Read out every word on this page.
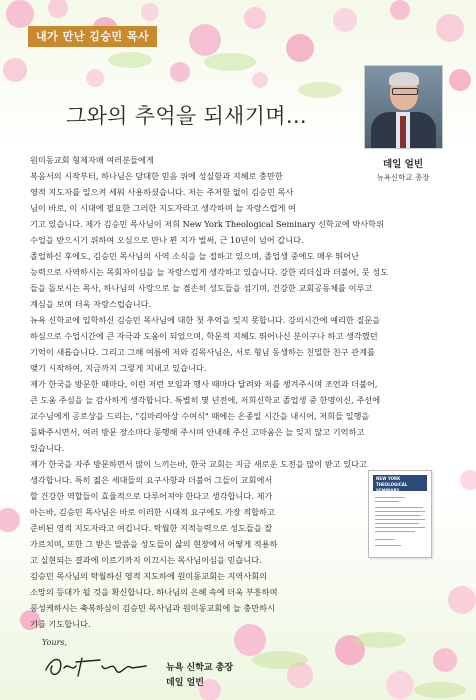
내가 만난 김승민 목사
그와의 추억을 되새기며…
데일 얼빈
뉴욕신학교 총장
원미동교회 형제자매 여러분들에게
복음서의 시작부터, 하나님은 담대한 믿음 위에 성실함과 지혜로 충만한
영적 지도자를 일으켜 세워 사용하셨습니다. 저는 주저함 없이 김승민 목사
님이 바로, 이 시대에 필요한 그러한 지도자라고 생각하며 늘 자랑스럽게 여
기고 있습니다. 제가 김승민 목사님이 저희 New York Theological Seminary 신학교에 박사학위
수업을 받으시기 위하여 오심으로 만나 뵌 지가 벌써, 근 10년이 넘어 갑니다.
졸업하신 후에도, 김승민 목사님의 사역 소식을 늘 접하고 있으며, 졸업생 중에도 매우 뛰어난
능력으로 사역하시는 목회자이심을 늘 자랑스럽게 생각하고 있습니다. 강한 리더십과 더불어, 뭇 성도
들을 돌보시는 목사, 하나님의 사랑으로 늘 겸손히 성도들을 섬기며, 건강한 교회공동체를 이루고
계심을 보며 더욱 자랑스럽습니다.
뉴욕 신학교에 입학하신 김승민 목사님에 대한 첫 추억을 잊지 못합니다. 강의시간에 예리한 질문을
하심으로 수업시간에 큰 자극과 도움이 되었으며, 학문적 지혜도 뛰어나신 분이구나 하고 생각했던
기억이 새롭습니다. 그리고 그해 여름에 저와 김목사님은, 서로 형님 동생하는 친밀한 친구 관계를
맺기 시작하여, 지금까지 그렇게 지내고 있습니다.
제가 한국을 방문한 때마다, 이런 저런 모임과 행사 때마다 달려와 저를 챙겨주시며 조언과 더불어,
큰 도움 주심을 늘 감사하게 생각합니다. 특별히 몇 년전에, 저희신학교 졸업생 중 한명이신, 주선에
교수님에게 공로상을 드리는, "김마리아상 수여식" 때에는 온종일 시간을 내시어, 저희들 일행을
돌봐주시면서, 여러 방문 장소마다 동행해 주시며 안내해 주신 고마움은 늘 잊지 않고 기억하고
있습니다.
제가 한국을 자주 방문하면서 많이 느끼는바, 한국 교회는 지금 새로운 도전을 많이 받고 있다고
생각합니다. 특히 젊은 세대들의 요구사항과 더불어 그들이 교회에서
할 건강한 역할들이 효율적으로 다루어져야 한다고 생각합니다. 제가
아는바, 김승민 목사님은 바로 이러한 시대적 요구에도 가장 적합하고
준비된 영적 지도자라고 여깁니다. 탁월한 지적능력으로 성도들을 잘
가르치며, 또한 그 받은 말씀을 성도들이 삶의 현장에서 어떻게 적용하
고 실현되는 결과에 이르기까지 이끄시는 목사님이심을 믿습니다.
김승민 목사님의 탁월하신 영적 지도하에 원미동교회는 지역사회의
소망의 등대가 될 것을 확신합니다. 하나님의 은혜 속에 더욱 부흥하며
풍성케하시는 축복하심이 김승민 목사님과 원미동교회에 늘 충만하시
기를 기도합니다.
NEW YORK
THEOLOGICAL
SEMINARY
Yours,
Dale T. Irvin
뉴욕 신학교 총장
데일 얼빈
